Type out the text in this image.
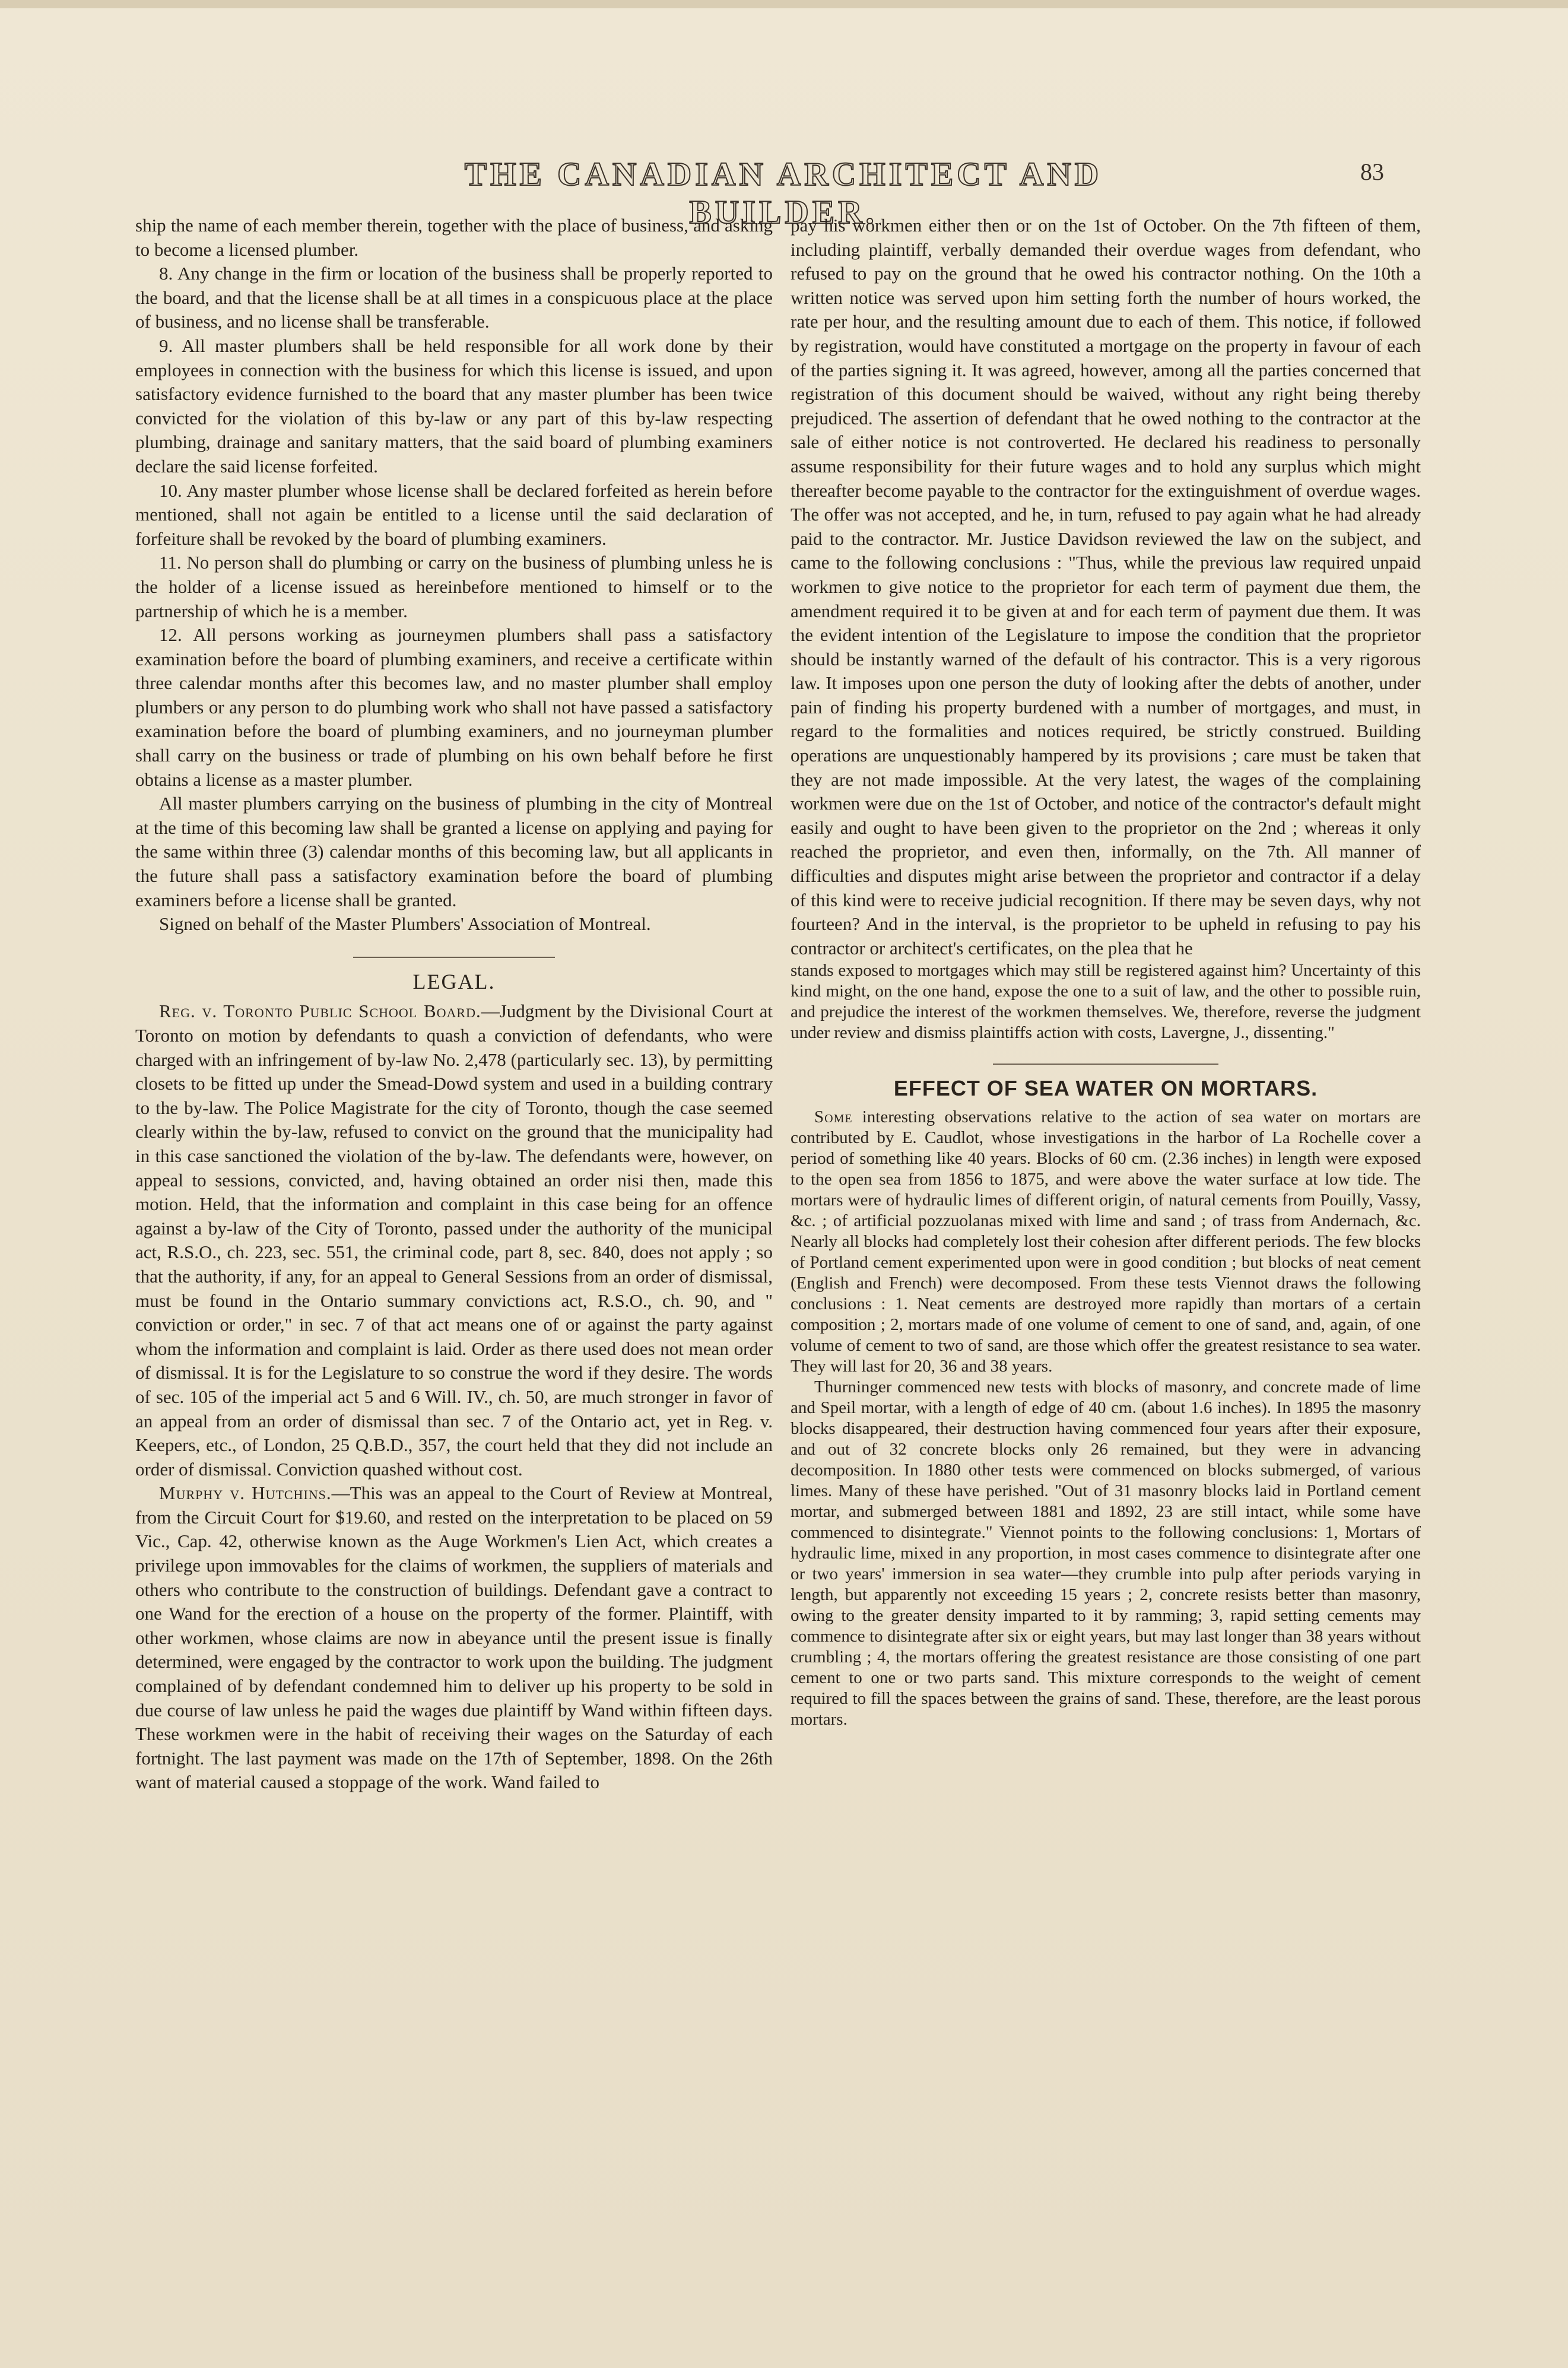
THE CANADIAN ARCHITECT AND BUILDER.
83

ship the name of each member therein, together with the place of business, and asking to become a licensed plumber.

8. Any change in the firm or location of the business shall be properly reported to the board, and that the license shall be at all times in a conspicuous place at the place of business, and no license shall be transferable.

9. All master plumbers shall be held responsible for all work done by their employees in connection with the business for which this license is issued, and upon satisfactory evidence furnished to the board that any master plumber has been twice convicted for the violation of this by-law or any part of this by-law respecting plumbing, drainage and sanitary matters, that the said board of plumbing examiners declare the said license forfeited.

10. Any master plumber whose license shall be declared forfeited as herein before mentioned, shall not again be entitled to a license until the said declaration of forfeiture shall be revoked by the board of plumbing examiners.

11. No person shall do plumbing or carry on the business of plumbing unless he is the holder of a license issued as hereinbefore mentioned to himself or to the partnership of which he is a member.

12. All persons working as journeymen plumbers shall pass a satisfactory examination before the board of plumbing examiners, and receive a certificate within three calendar months after this becomes law, and no master plumber shall employ plumbers or any person to do plumbing work who shall not have passed a satisfactory examination before the board of plumbing examiners, and no journeyman plumber shall carry on the business or trade of plumbing on his own behalf before he first obtains a license as a master plumber.

All master plumbers carrying on the business of plumbing in the city of Montreal at the time of this becoming law shall be granted a license on applying and paying for the same within three (3) calendar months of this becoming law, but all applicants in the future shall pass a satisfactory examination before the board of plumbing examiners before a license shall be granted.

Signed on behalf of the Master Plumbers' Association of Montreal.

LEGAL.

Reg. v. Toronto Public School Board.—Judgment by the Divisional Court at Toronto on motion by defendants to quash a conviction of defendants, who were charged with an infringement of by-law No. 2,478 (particularly sec. 13), by permitting closets to be fitted up under the Smead-Dowd system and used in a building contrary to the by-law. The Police Magistrate for the city of Toronto, though the case seemed clearly within the by-law, refused to convict on the ground that the municipality had in this case sanctioned the violation of the by-law. The defendants were, however, on appeal to sessions, convicted, and, having obtained an order nisi then, made this motion. Held, that the information and complaint in this case being for an offence against a by-law of the City of Toronto, passed under the authority of the municipal act, R.S.O., ch. 223, sec. 551, the criminal code, part 8, sec. 840, does not apply ; so that the authority, if any, for an appeal to General Sessions from an order of dismissal, must be found in the Ontario summary convictions act, R.S.O., ch. 90, and " conviction or order," in sec. 7 of that act means one of or against the party against whom the information and complaint is laid. Order as there used does not mean order of dismissal. It is for the Legislature to so construe the word if they desire. The words of sec. 105 of the imperial act 5 and 6 Will. IV., ch. 50, are much stronger in favor of an appeal from an order of dismissal than sec. 7 of the Ontario act, yet in Reg. v. Keepers, etc., of London, 25 Q.B.D., 357, the court held that they did not include an order of dismissal. Conviction quashed without cost.

Murphy v. Hutchins.—This was an appeal to the Court of Review at Montreal, from the Circuit Court for $19.60, and rested on the interpretation to be placed on 59 Vic., Cap. 42, otherwise known as the Auge Workmen's Lien Act, which creates a privilege upon immovables for the claims of workmen, the suppliers of materials and others who contribute to the construction of buildings. Defendant gave a contract to one Wand for the erection of a house on the property of the former. Plaintiff, with other workmen, whose claims are now in abeyance until the present issue is finally determined, were engaged by the contractor to work upon the building. The judgment complained of by defendant condemned him to deliver up his property to be sold in due course of law unless he paid the wages due plaintiff by Wand within fifteen days. These workmen were in the habit of receiving their wages on the Saturday of each fortnight. The last payment was made on the 17th of September, 1898. On the 26th want of material caused a stoppage of the work. Wand failed to

pay his workmen either then or on the 1st of October. On the 7th fifteen of them, including plaintiff, verbally demanded their overdue wages from defendant, who refused to pay on the ground that he owed his contractor nothing. On the 10th a written notice was served upon him setting forth the number of hours worked, the rate per hour, and the resulting amount due to each of them. This notice, if followed by registration, would have constituted a mortgage on the property in favour of each of the parties signing it. It was agreed, however, among all the parties concerned that registration of this document should be waived, without any right being thereby prejudiced. The assertion of defendant that he owed nothing to the contractor at the sale of either notice is not controverted. He declared his readiness to personally assume responsibility for their future wages and to hold any surplus which might thereafter become payable to the contractor for the extinguishment of overdue wages. The offer was not accepted, and he, in turn, refused to pay again what he had already paid to the contractor. Mr. Justice Davidson reviewed the law on the subject, and came to the following conclusions : "Thus, while the previous law required unpaid workmen to give notice to the proprietor for each term of payment due them, the amendment required it to be given at and for each term of payment due them. It was the evident intention of the Legislature to impose the condition that the proprietor should be instantly warned of the default of his contractor. This is a very rigorous law. It imposes upon one person the duty of looking after the debts of another, under pain of finding his property burdened with a number of mortgages, and must, in regard to the formalities and notices required, be strictly construed. Building operations are unquestionably hampered by its provisions ; care must be taken that they are not made impossible. At the very latest, the wages of the complaining workmen were due on the 1st of October, and notice of the contractor's default might easily and ought to have been given to the proprietor on the 2nd ; whereas it only reached the proprietor, and even then, informally, on the 7th. All manner of difficulties and disputes might arise between the proprietor and contractor if a delay of this kind were to receive judicial recognition. If there may be seven days, why not fourteen? And in the interval, is the proprietor to be upheld in refusing to pay his contractor or architect's certificates, on the plea that he

stands exposed to mortgages which may still be registered against him? Uncertainty of this kind might, on the one hand, expose the one to a suit of law, and the other to possible ruin, and prejudice the interest of the workmen themselves. We, therefore, reverse the judgment under review and dismiss plaintiffs action with costs, Lavergne, J., dissenting."

EFFECT OF SEA WATER ON MORTARS.

Some interesting observations relative to the action of sea water on mortars are contributed by E. Caudlot, whose investigations in the harbor of La Rochelle cover a period of something like 40 years. Blocks of 60 cm. (2.36 inches) in length were exposed to the open sea from 1856 to 1875, and were above the water surface at low tide. The mortars were of hydraulic limes of different origin, of natural cements from Pouilly, Vassy, &c. ; of artificial pozzuolanas mixed with lime and sand ; of trass from Andernach, &c. Nearly all blocks had completely lost their cohesion after different periods. The few blocks of Portland cement experimented upon were in good condition ; but blocks of neat cement (English and French) were decomposed. From these tests Viennot draws the following conclusions : 1. Neat cements are destroyed more rapidly than mortars of a certain composition ; 2, mortars made of one volume of cement to one of sand, and, again, of one volume of cement to two of sand, are those which offer the greatest resistance to sea water. They will last for 20, 36 and 38 years.

Thurninger commenced new tests with blocks of masonry, and concrete made of lime and Speil mortar, with a length of edge of 40 cm. (about 1.6 inches). In 1895 the masonry blocks disappeared, their destruction having commenced four years after their exposure, and out of 32 concrete blocks only 26 remained, but they were in advancing decomposition. In 1880 other tests were commenced on blocks submerged, of various limes. Many of these have perished. "Out of 31 masonry blocks laid in Portland cement mortar, and submerged between 1881 and 1892, 23 are still intact, while some have commenced to disintegrate." Viennot points to the following conclusions: 1, Mortars of hydraulic lime, mixed in any proportion, in most cases commence to disintegrate after one or two years' immersion in sea water—they crumble into pulp after periods varying in length, but apparently not exceeding 15 years ; 2, concrete resists better than masonry, owing to the greater density imparted to it by ramming; 3, rapid setting cements may commence to disintegrate after six or eight years, but may last longer than 38 years without crumbling ; 4, the mortars offering the greatest resistance are those consisting of one part cement to one or two parts sand. This mixture corresponds to the weight of cement required to fill the spaces between the grains of sand. These, therefore, are the least porous mortars.
